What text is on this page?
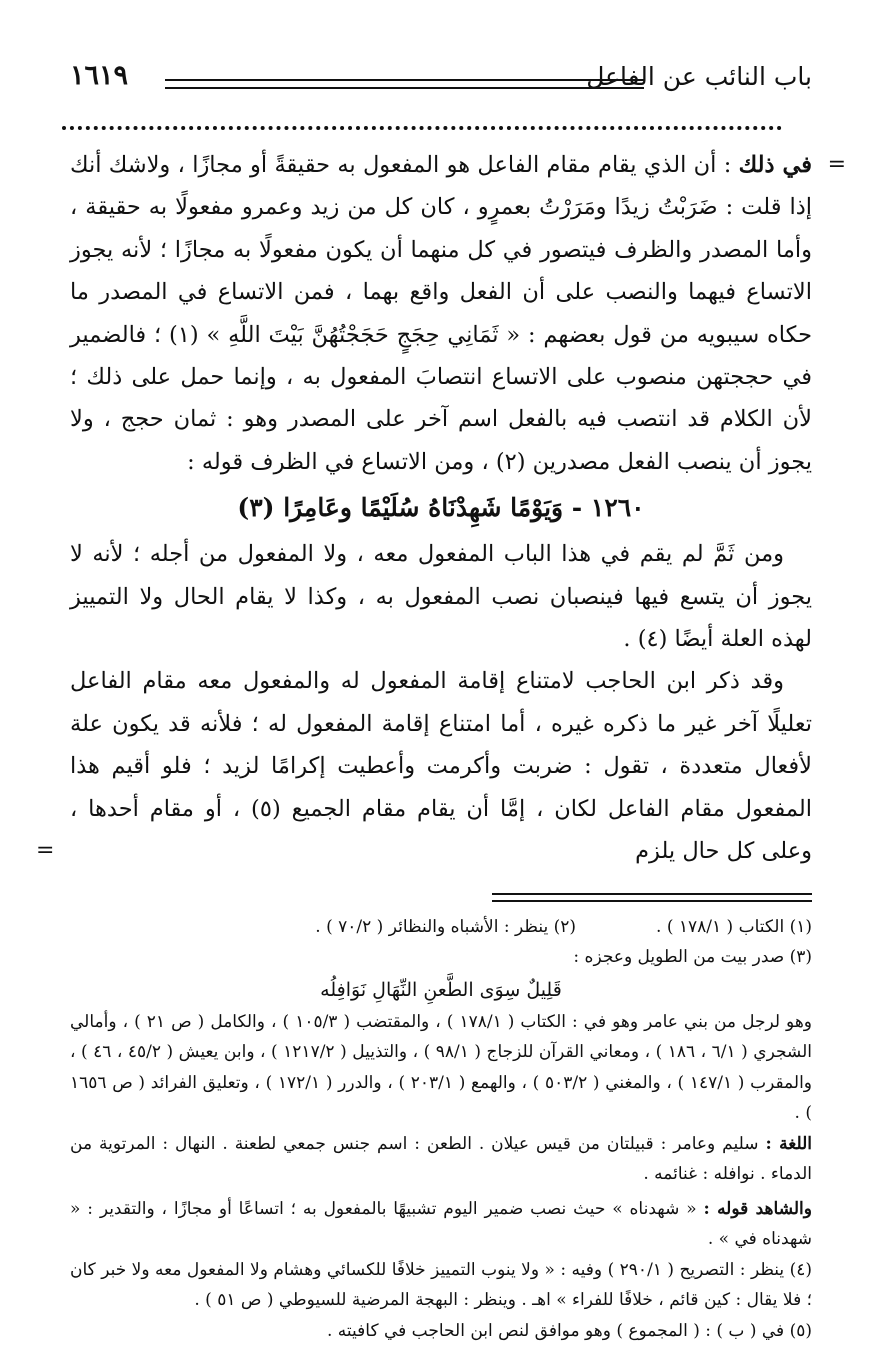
باب النائب عن الفاعل
١٦١٩

=
في ذلك : أن الذي يقام مقام الفاعل هو المفعول به حقيقةً أو مجازًا ، ولاشك أنك إذا قلت : ضَرَبْتُ زيدًا ومَرَرْتُ بعمرٍو ، كان كل من زيد وعمرو مفعولًا به حقيقة ، وأما المصدر والظرف فيتصور في كل منهما أن يكون مفعولًا به مجازًا ؛ لأنه يجوز الاتساع فيهما والنصب على أن الفعل واقع بهما ، فمن الاتساع في المصدر ما حكاه سيبويه من قول بعضهم : « ثَمَانِي حِجَجٍ حَجَجْتُهُنَّ بَيْتَ اللَّهِ » (١) ؛ فالضمير في حججتهن منصوب على الاتساع انتصابَ المفعول به ، وإنما حمل على ذلك ؛ لأن الكلام قد انتصب فيه بالفعل اسم آخر على المصدر وهو : ثمان حجج ، ولا يجوز أن ينصب الفعل مصدرين (٢) ، ومن الاتساع في الظرف قوله :

١٢٦٠ - وَيَوْمًا شَهِدْنَاهُ سُلَيْمًا وعَامِرًا (٣)

ومن ثَمَّ لم يقم في هذا الباب المفعول معه ، ولا المفعول من أجله ؛ لأنه لا يجوز أن يتسع فيها فينصبان نصب المفعول به ، وكذا لا يقام الحال ولا التمييز لهذه العلة أيضًا (٤) .

وقد ذكر ابن الحاجب لامتناع إقامة المفعول له والمفعول معه مقام الفاعل تعليلًا آخر غير ما ذكره غيره ، أما امتناع إقامة المفعول له ؛ فلأنه قد يكون علة لأفعال متعددة ، تقول : ضربت وأكرمت وأعطيت إكرامًا لزيد ؛ فلو أقيم هذا المفعول مقام الفاعل لكان ، إمَّا أن يقام مقام الجميع (٥) ، أو مقام أحدها ، وعلى كل حال يلزم
=

(١) الكتاب ( ١٧٨/١ ) .
(٢) ينظر : الأشباه والنظائر ( ٧٠/٢ ) .

(٣) صدر بيت من الطويل وعجزه :

قَلِيلٌ سِوَى الطَّعنِ النِّهَالِ نَوَافِلُه

وهو لرجل من بني عامر وهو في : الكتاب ( ١٧٨/١ ) ، والمقتضب ( ١٠٥/٣ ) ، والكامل ( ص ٢١ ) ، وأمالي الشجري ( ٦/١ ، ١٨٦ ) ، ومعاني القرآن للزجاج ( ٩٨/١ ) ، والتذييل ( ١٢١٧/٢ ) ، وابن يعيش ( ٤٥/٢ ، ٤٦ ) ، والمقرب ( ١٤٧/١ ) ، والمغني ( ٥٠٣/٢ ) ، والهمع ( ٢٠٣/١ ) ، والدرر ( ١٧٢/١ ) ، وتعليق الفرائد ( ص ١٦٥٦ ) .

اللغة : سليم وعامر : قبيلتان من قيس عيلان . الطعن : اسم جنس جمعي لطعنة . النهال : المرتوية من الدماء . نوافله : غنائمه .

والشاهد قوله : « شهدناه » حيث نصب ضمير اليوم تشبيهًا بالمفعول به ؛ اتساعًا أو مجازًا ، والتقدير : « شهدناه في » .

(٤) ينظر : التصريح ( ٢٩٠/١ ) وفيه : « ولا ينوب التمييز خلافًا للكسائي وهشام ولا المفعول معه ولا خبر كان ؛ فلا يقال : كين قائم ، خلافًا للفراء » اهـ . وينظر : البهجة المرضية للسيوطي ( ص ٥١ ) .

(٥) في ( ب ) : ( المجموع ) وهو موافق لنص ابن الحاجب في كافيته .
